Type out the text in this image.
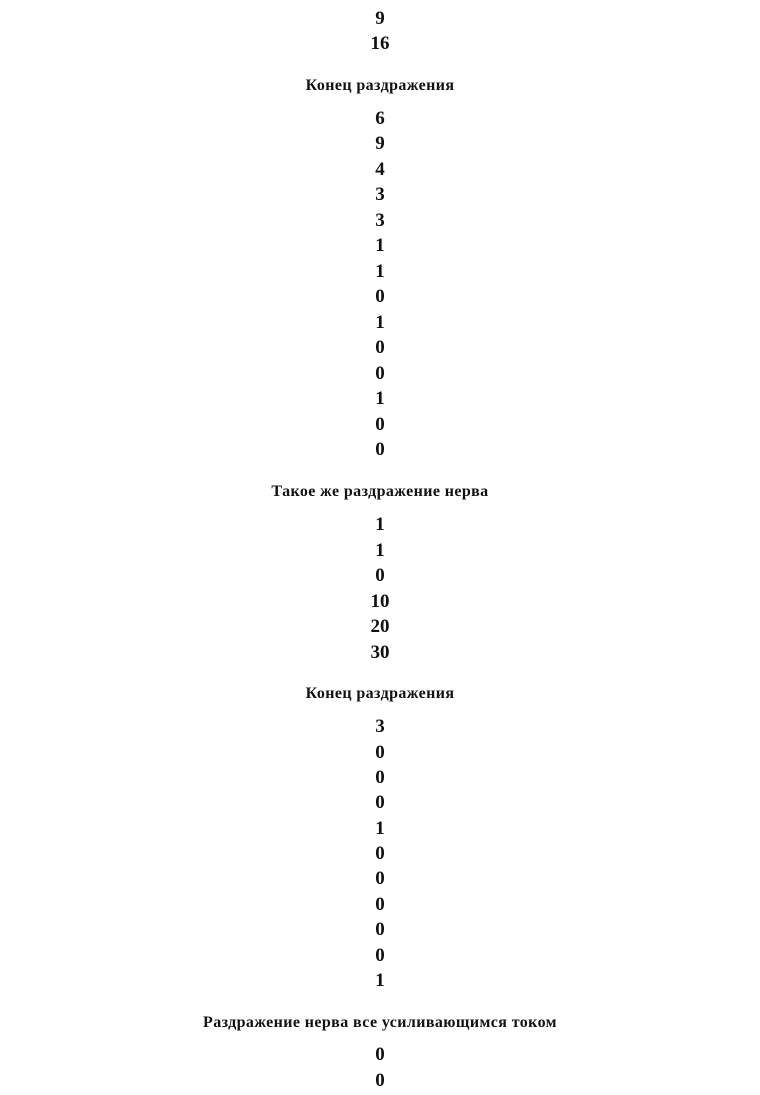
9
16
Конец раздражения
6
9
4
3
3
1
1
0
1
0
0
1
0
0
Такое же раздражение нерва
1
1
0
10
20
30
Конец раздражения
3
0
0
0
1
0
0
0
0
0
1
Раздражение нерва все усиливающимся током
0
0
